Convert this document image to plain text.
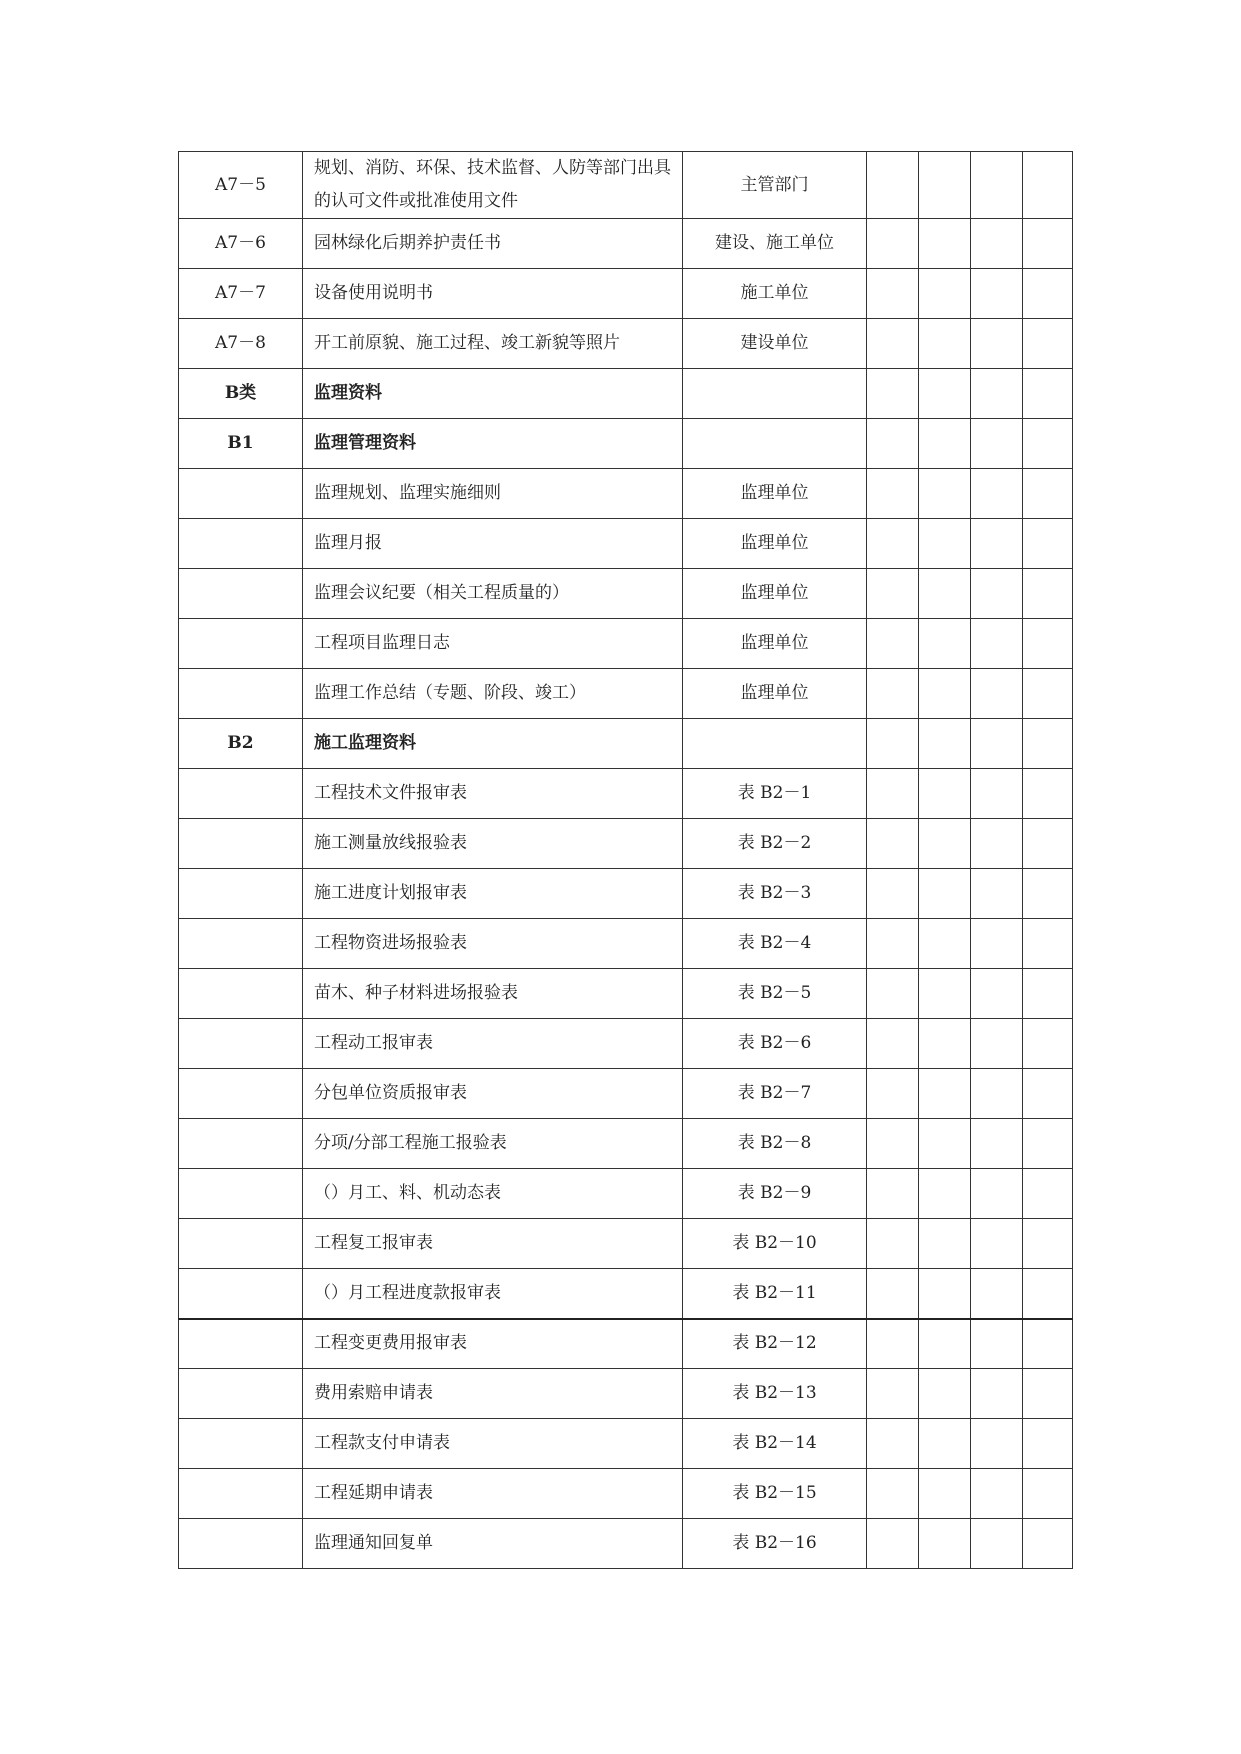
A7－5	规划、消防、环保、技术监督、人防等部门出具的认可文件或批准使用文件	主管部门				
A7－6	园林绿化后期养护责任书	建设、施工单位				
A7－7	设备使用说明书	施工单位				
A7－8	开工前原貌、施工过程、竣工新貌等照片	建设单位				
B类	监理资料					
B1	监理管理资料					
	监理规划、监理实施细则	监理单位				
	监理月报	监理单位				
	监理会议纪要（相关工程质量的）	监理单位				
	工程项目监理日志	监理单位				
	监理工作总结（专题、阶段、竣工）	监理单位				
B2	施工监理资料					
	工程技术文件报审表	表 B2－1				
	施工测量放线报验表	表 B2－2				
	施工进度计划报审表	表 B2－3				
	工程物资进场报验表	表 B2－4				
	苗木、种子材料进场报验表	表 B2－5				
	工程动工报审表	表 B2－6				
	分包单位资质报审表	表 B2－7				
	分项/分部工程施工报验表	表 B2－8				
	（）月工、料、机动态表	表 B2－9				
	工程复工报审表	表 B2－10				
	（）月工程进度款报审表	表 B2－11				
	工程变更费用报审表	表 B2－12				
	费用索赔申请表	表 B2－13				
	工程款支付申请表	表 B2－14				
	工程延期申请表	表 B2－15				
	监理通知回复单	表 B2－16				
